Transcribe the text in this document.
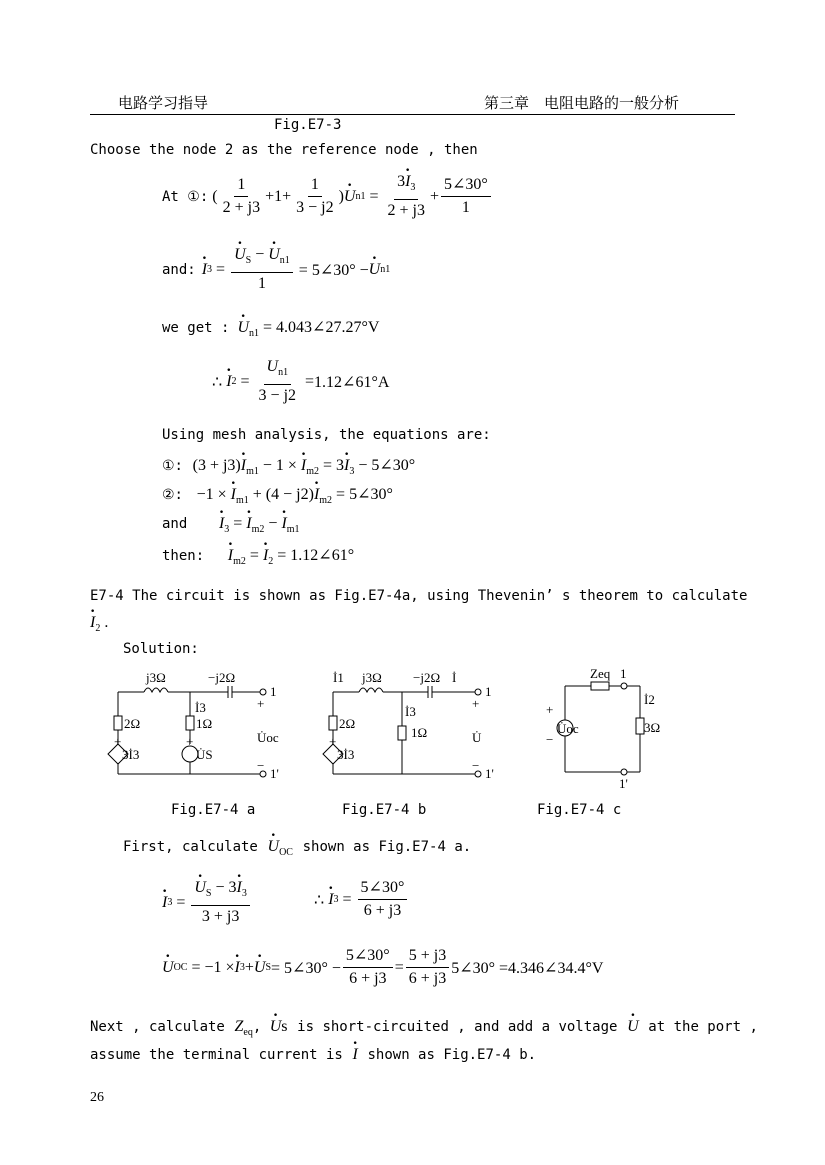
电路学习指导	第三章　电阻电路的一般分析
Fig.E7-3
Choose the node 2 as the reference node , then
At ①: ( $\frac{1}{2 + j3} +1+ \frac{1}{3 - j2}$ ) · U $n1 = \frac{3\cdot I_3}{2 + j3} + \frac{5\angle 30^\circ}{1}$
and: · I 3 = · $\frac{U_S - \cdot U_{n1}}{1}$ = 5∠30° − · U n1
we get : · $U_{n1}$ = 4.043∠27.27°V
∴ · I $2 = \frac{U_{n1}}{3 - j2}$ = 1.12∠61°A
Using mesh analysis, the equations are:
①: $(3 + j3)\cdot I_{m1} - 1$ × · $I_{m2} = 3\cdot I_3$ − 5∠30°
②:  −1 × · $I_{m1} + (4 - j2)\cdot I_{m2}$ = 5∠30°
and · $I_3$ = · $I_{m2}$ − · $I_{m1}$
then: · $I_{m2}$ = · $I_2$ = 1.12∠61°
E7-4 The circuit is shown as Fig.E7-4a, using Thevenin’ s theorem to calculate
· $I_2$ .
Solution:
j3Ω	−j2Ω
1
+
İ3
2Ω	1Ω
+	+
3İ3	U̇S
U̇oc
−
1'
İ1 j3Ω −j2Ω İ
1
+
İ3
2Ω
1Ω
+
3İ3
U̇
−
1'
Zeq 1
İ2
+
U̇oc	3Ω
−
1'
Fig.E7-4 a	Fig.E7-4 b	Fig.E7-4 c
First, calculate · $U_{OC}$ shown as Fig.E7-4 a.
· I 3 = · $\frac{U_S - 3\cdot I_3}{3 + j3}$	∴ · I $3 = \frac{5\angle 30^\circ}{6 + j3}$
· U OC = −1 × · I 3 + · U S = 5∠30° − $\frac{5\angle 30^\circ}{6 + j3} = \frac{5 + j3}{6 + j3}$ 5∠30° = 4.346∠34.4°V
Next , calculate $Z_{eq}$, · Us is short-circuited , and add a voltage · U at the port ,
assume the terminal current is · I shown as Fig.E7-4 b.
26
